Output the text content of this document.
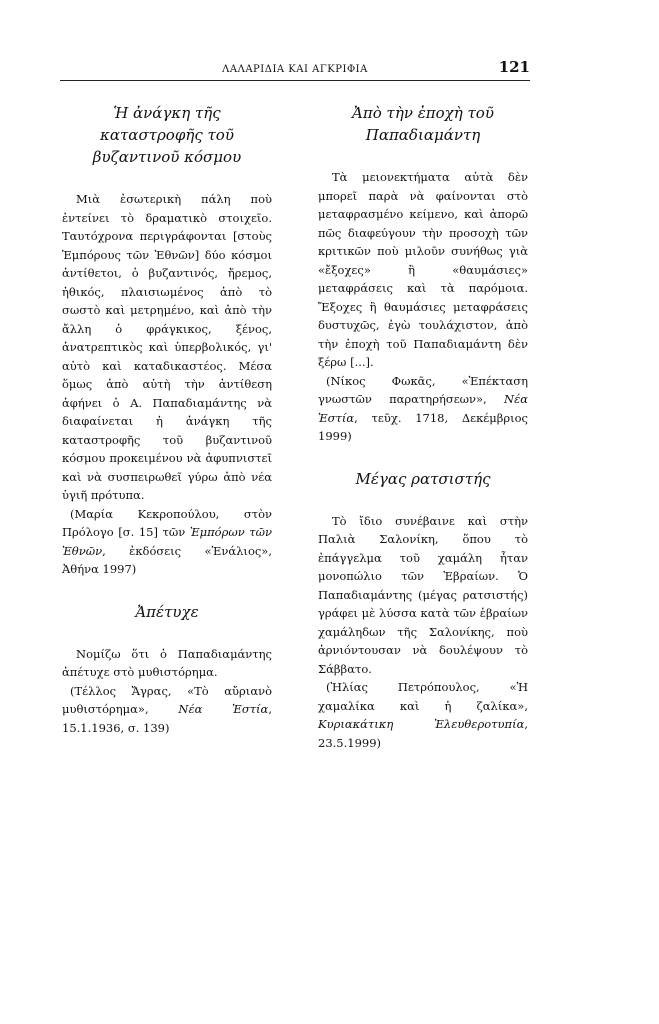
ΛΑΛΑΡΙΔΙΑ ΚΑΙ ΑΓΚΡΙΦΙΑ	121
Ἡ ἀνάγκη τῆς καταστροφῆς τοῦ
βυζαντινοῦ κόσμου

Μιὰ ἐσωτερικὴ πάλη ποὺ ἐντείνει τὸ δραματικὸ στοιχεῖο. Ταυτόχρονα περιγράφονται [στοὺς Ἐμπόρους τῶν Ἐθνῶν] δύο κόσμοι ἀντίθετοι, ὁ βυζαντινός, ἤρεμος, ἠθικός, πλαισιωμένος ἀπὸ τὸ σωστὸ καὶ μετρημένο, καὶ ἀπὸ τὴν ἄλλη ὁ φράγκικος, ξένος, ἀνατρεπτικὸς καὶ ὑπερβολικός, γι' αὐτὸ καὶ καταδικαστέος. Μέσα ὅμως ἀπὸ αὐτὴ τὴν ἀντίθεση ἀφήνει ὁ Α. Παπαδιαμάντης νὰ διαφαίνεται ἡ ἀνάγκη τῆς καταστροφῆς τοῦ βυζαντινοῦ κόσμου προκειμένου νὰ ἀφυπνιστεῖ καὶ νὰ συσπειρωθεῖ γύρω ἀπὸ νέα ὑγιῆ πρότυπα.

(Μαρία Κεκροπούλου, στὸν Πρόλογο [σ. 15] τῶν Ἐμπόρων τῶν Ἐθνῶν, ἐκδόσεις «Ἐνάλιος», Ἀθήνα 1997)

Ἀπέτυχε

Νομίζω ὅτι ὁ Παπαδιαμάντης ἀπέτυχε στὸ μυθιστόρημα.

(Τέλλος Ἄγρας, «Τὸ αὔριανὸ μυθιστόρημα», Νέα Ἑστία, 15.1.1936, σ. 139)

Ἀπὸ τὴν ἐποχὴ τοῦ
Παπαδιαμάντη

Τὰ μειονεκτήματα αὐτὰ δὲν μπορεῖ παρὰ νὰ φαίνονται στὸ μεταφρασμένο κείμενο, καὶ ἀπορῶ πῶς διαφεύγουν τὴν προσοχὴ τῶν κριτικῶν ποὺ μιλοῦν συνήθως γιὰ «ἔξοχες» ἢ «θαυμάσιες» μεταφράσεις καὶ τὰ παρόμοια. Ἔξοχες ἢ θαυμάσιες μεταφράσεις δυστυχῶς, ἐγὼ τουλάχιστον, ἀπὸ τὴν ἐποχὴ τοῦ Παπαδιαμάντη δὲν ξέρω [...].

(Νίκος Φωκᾶς, «Ἐπέκταση γνωστῶν παρατηρήσεων», Νέα Ἑστία, τεῦχ. 1718, Δεκέμβριος 1999)

Μέγας ρατσιστής

Τὸ ἴδιο συνέβαινε καὶ στὴν Παλιὰ Σαλονίκη, ὅπου τὸ ἐπάγγελμα τοῦ χαμάλη ἦταν μονοπώλιο τῶν Ἑβραίων. Ὁ Παπαδιαμάντης (μέγας ρατσιστής) γράφει μὲ λύσσα κατὰ τῶν ἑβραίων χαμάληδων τῆς Σαλονίκης, ποὺ ἀρνιόντουσαν νὰ δουλέψουν τὸ Σάββατο.

(Ἠλίας Πετρόπουλος, «Ἡ χαμαλίκα καὶ ἡ ζαλίκα», Κυριακάτικη Ἐλευθεροτυπία, 23.5.1999)
